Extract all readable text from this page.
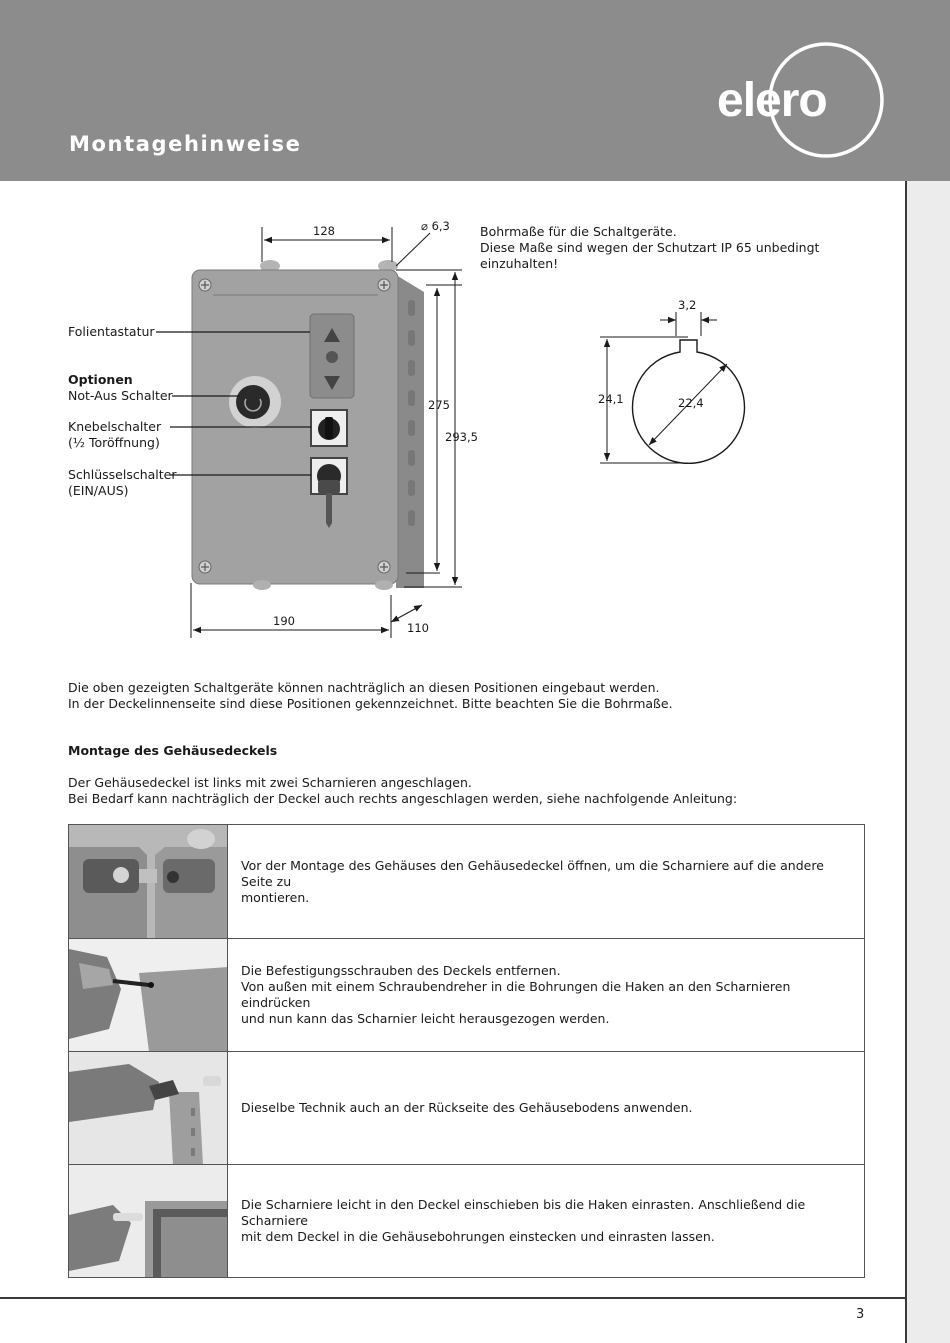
Montagehinweise
elero
Folientastatur
Optionen
Not-Aus Schalter
Knebelschalter
(½ Toröffnung)
Schlüsselschalter
(EIN/AUS)
128	⌀ 6,3
275
293,5
190	110
3,2
24,1	22,4
Bohrmaße für die Schaltgeräte.
Diese Maße sind wegen der Schutzart IP 65 unbedingt
einzuhalten!
Die oben gezeigten Schaltgeräte können nachträglich an diesen Positionen eingebaut werden.
In der Deckelinnenseite sind diese Positionen gekennzeichnet. Bitte beachten Sie die Bohrmaße.
Montage des Gehäusedeckels
Der Gehäusedeckel ist links mit zwei Scharnieren angeschlagen.
Bei Bedarf kann nachträglich der Deckel auch rechts angeschlagen werden, siehe nachfolgende Anleitung:
Vor der Montage des Gehäuses den Gehäusedeckel öffnen, um die Scharniere auf die andere Seite zu
montieren.
Die Befestigungsschrauben des Deckels entfernen.
Von außen mit einem Schraubendreher in die Bohrungen die Haken an den Scharnieren eindrücken
und nun kann das Scharnier leicht herausgezogen werden.
Dieselbe Technik auch an der Rückseite des Gehäusebodens anwenden.
Die Scharniere leicht in den Deckel einschieben bis die Haken einrasten. Anschließend die Scharniere
mit dem Deckel in die Gehäusebohrungen einstecken und einrasten lassen.
3
